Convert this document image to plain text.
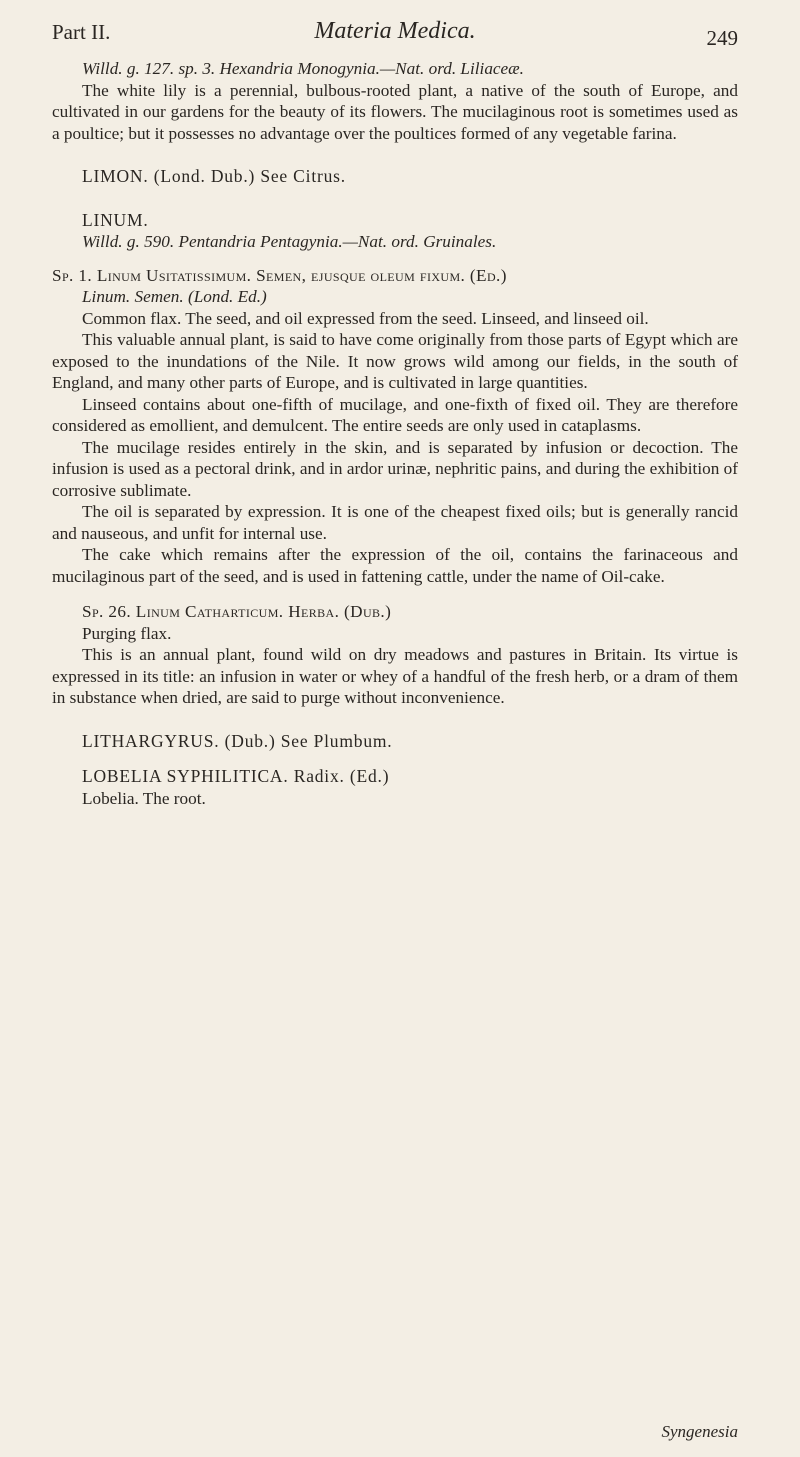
Part II.	Materia Medica.	249

Willd. g. 127. sp. 3. Hexandria Monogynia.—Nat. ord. Liliaceæ.

The white lily is a perennial, bulbous-rooted plant, a native of the south of Europe, and cultivated in our gardens for the beauty of its flowers. The mucilaginous root is sometimes used as a poultice; but it possesses no advantage over the poultices formed of any vegetable farina.

LIMON. (Lond. Dub.) See Citrus.

LINUM.

Willd. g. 590. Pentandria Pentagynia.—Nat. ord. Gruinales.

Sp. 1. Linum Usitatissimum. Semen, ejusque oleum fixum. (Ed.)

Linum. Semen. (Lond. Ed.)

Common flax. The seed, and oil expressed from the seed. Linseed, and linseed oil.

This valuable annual plant, is said to have come originally from those parts of Egypt which are exposed to the inundations of the Nile. It now grows wild among our fields, in the south of England, and many other parts of Europe, and is cultivated in large quantities.

Linseed contains about one-fifth of mucilage, and one-fixth of fixed oil. They are therefore considered as emollient, and demulcent. The entire seeds are only used in cataplasms.

The mucilage resides entirely in the skin, and is separated by infusion or decoction. The infusion is used as a pectoral drink, and in ardor urinæ, nephritic pains, and during the exhibition of corrosive sublimate.

The oil is separated by expression. It is one of the cheapest fixed oils; but is generally rancid and nauseous, and unfit for internal use.

The cake which remains after the expression of the oil, contains the farinaceous and mucilaginous part of the seed, and is used in fattening cattle, under the name of Oil-cake.

Sp. 26. Linum Catharticum. Herba. (Dub.)

Purging flax.

This is an annual plant, found wild on dry meadows and pastures in Britain. Its virtue is expressed in its title: an infusion in water or whey of a handful of the fresh herb, or a dram of them in substance when dried, are said to purge without inconvenience.

LITHARGYRUS. (Dub.) See Plumbum.

LOBELIA SYPHILITICA. Radix. (Ed.)

Lobelia. The root.

Syngenesia
